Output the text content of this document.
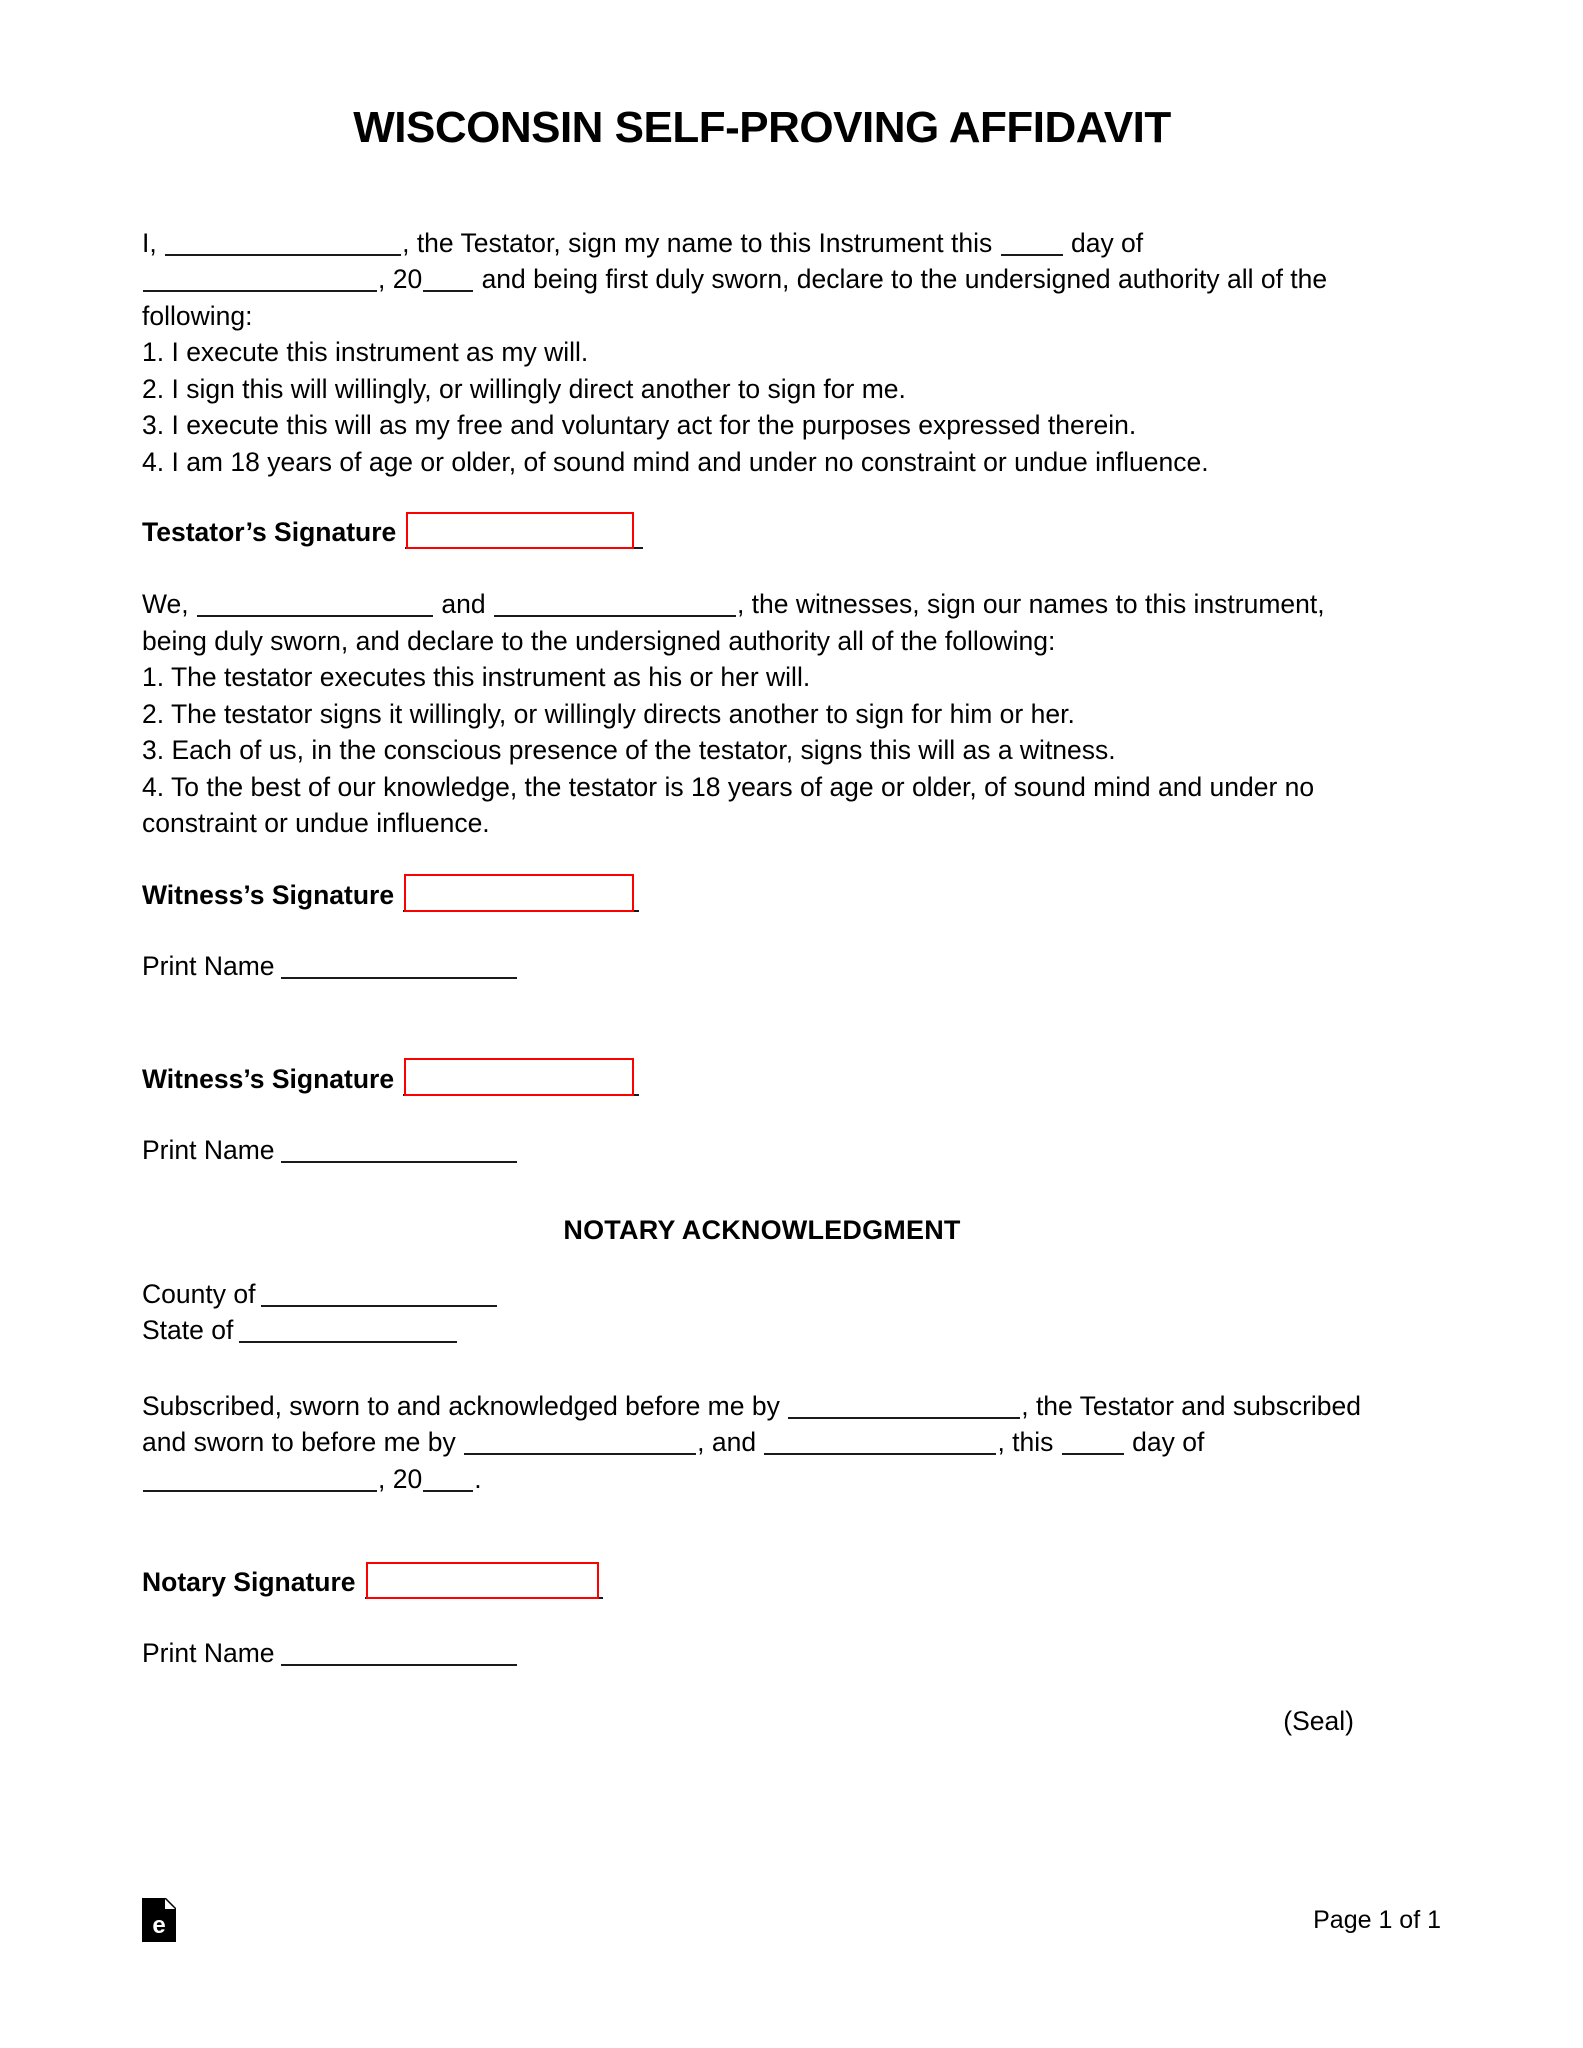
WISCONSIN SELF-PROVING AFFIDAVIT

I,	, the Testator, sign my name to this Instrument this  day of , 20 and being first duly sworn, declare to the undersigned authority all of the following:

1. I execute this instrument as my will.
2. I sign this will willingly, or willingly direct another to sign for me.
3. I execute this will as my free and voluntary act for the purposes expressed therein.
4. I am 18 years of age or older, of sound mind and under no constraint or undue influence.

Testator’s Signature

We,	and	, the witnesses, sign our names to this instrument, being duly sworn, and declare to the undersigned authority all of the following:

1. The testator executes this instrument as his or her will.
2. The testator signs it willingly, or willingly directs another to sign for him or her.
3. Each of us, in the conscious presence of the testator, signs this will as a witness.
4. To the best of our knowledge, the testator is 18 years of age or older, of sound mind and under no constraint or undue influence.

Witness’s Signature
Print Name
Witness’s Signature
Print Name
NOTARY ACKNOWLEDGMENT
County of
State of

Subscribed, sworn to and acknowledged before me by	, the Testator and subscribed and sworn to before me by	, and	, this  day of , 20 .

Notary Signature
Print Name
(Seal)
e	Page 1 of 1
